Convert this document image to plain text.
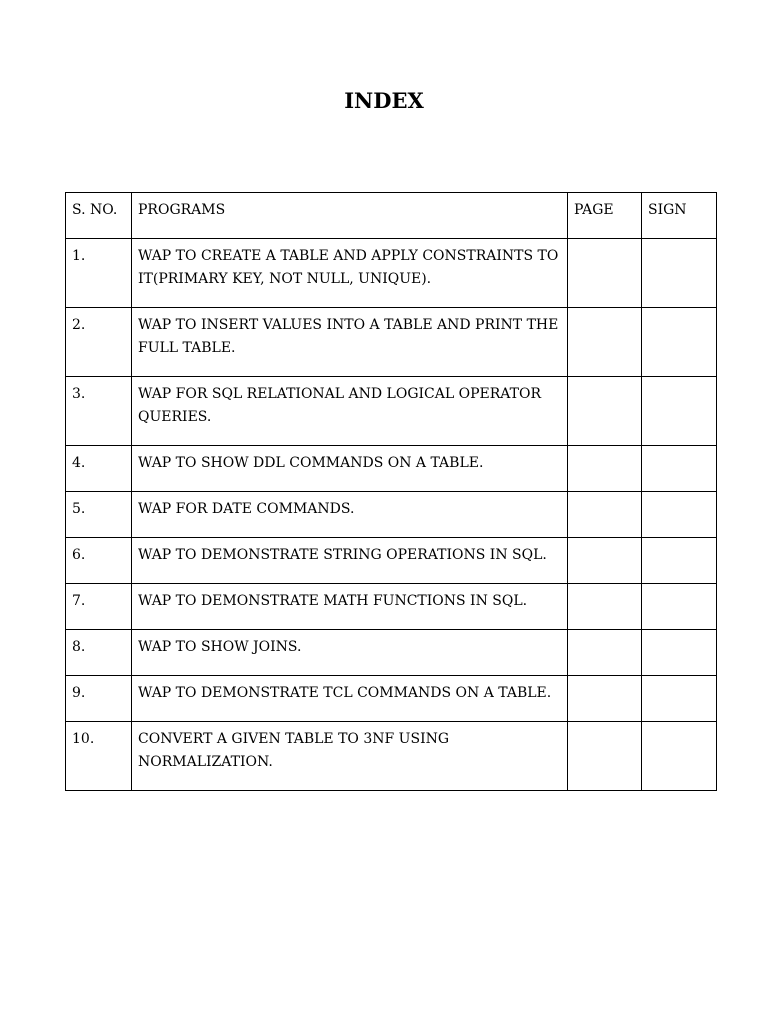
INDEX
S. NO.	PROGRAMS	PAGE	SIGN
1.	WAP TO CREATE A TABLE AND APPLY CONSTRAINTS TO IT(PRIMARY KEY, NOT NULL, UNIQUE).		
2.	WAP TO INSERT VALUES INTO A TABLE AND PRINT THE FULL TABLE.		
3.	WAP FOR SQL RELATIONAL AND LOGICAL OPERATOR QUERIES.		
4.	WAP TO SHOW DDL COMMANDS ON A TABLE.		
5.	WAP FOR DATE COMMANDS.		
6.	WAP TO DEMONSTRATE STRING OPERATIONS IN SQL.		
7.	WAP TO DEMONSTRATE MATH FUNCTIONS IN SQL.		
8.	WAP TO SHOW JOINS.		
9.	WAP TO DEMONSTRATE TCL COMMANDS ON A TABLE.		
10.	CONVERT A GIVEN TABLE TO 3NF USING NORMALIZATION.		
